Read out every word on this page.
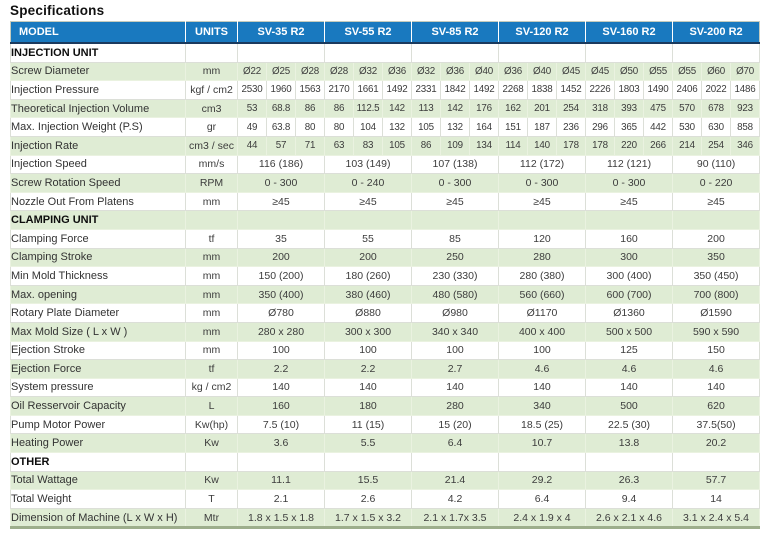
Specifications
MODEL	UNITS	SV-35 R2			SV-55 R2			SV-85 R2			SV-120 R2			SV-160 R2			SV-200 R2		
INJECTION UNIT																			
Screw Diameter	mm	Ø22	Ø25	Ø28	Ø28	Ø32	Ø36	Ø32	Ø36	Ø40	Ø36	Ø40	Ø45	Ø45	Ø50	Ø55	Ø55	Ø60	Ø70
Injection Pressure	kgf / cm2	2530	1960	1563	2170	1661	1492	2331	1842	1492	2268	1838	1452	2226	1803	1490	2406	2022	1486
Theoretical Injection Volume	cm3	53	68.8	86	86	112.5	142	113	142	176	162	201	254	318	393	475	570	678	923
Max. Injection Weight (P.S)	gr	49	63.8	80	80	104	132	105	132	164	151	187	236	296	365	442	530	630	858
Injection Rate	cm3 / sec	44	57	71	63	83	105	86	109	134	114	140	178	178	220	266	214	254	346
Injection Speed	mm/s	116 (186)			103 (149)			107 (138)			112 (172)			112 (121)			90 (110)		
Screw Rotation Speed	RPM	0 - 300			0 - 240			0 - 300			0 - 300			0 - 300			0 - 220		
Nozzle Out From Platens	mm	≥45			≥45			≥45			≥45			≥45			≥45		
CLAMPING UNIT																			
Clamping Force	tf	35			55			85			120			160			200		
Clamping Stroke	mm	200			200			250			280			300			350		
Min Mold Thickness	mm	150 (200)			180 (260)			230 (330)			280 (380)			300 (400)			350 (450)		
Max. opening	mm	350 (400)			380 (460)			480 (580)			560 (660)			600 (700)			700 (800)		
Rotary Plate Diameter	mm	Ø780			Ø880			Ø980			Ø1170			Ø1360			Ø1590		
Max Mold Size ( L x W )	mm	280 x 280			300 x 300			340 x 340			400 x 400			500 x 500			590 x 590		
Ejection Stroke	mm	100			100			100			100			125			150		
Ejection Force	tf	2.2			2.2			2.7			4.6			4.6			4.6		
System pressure	kg / cm2	140			140			140			140			140			140		
Oil Resservoir Capacity	L	160			180			280			340			500			620		
Pump Motor Power	Kw(hp)	7.5 (10)			11 (15)			15 (20)			18.5 (25)			22.5 (30)			37.5(50)		
Heating Power	Kw	3.6			5.5			6.4			10.7			13.8			20.2		
OTHER																			
Total Wattage	Kw	11.1			15.5			21.4			29.2			26.3			57.7		
Total Weight	T	2.1			2.6			4.2			6.4			9.4			14		
Dimension of Machine (L x W x H)	Mtr	1.8 x 1.5 x 1.8			1.7 x 1.5 x 3.2			2.1 x 1.7x 3.5			2.4 x 1.9 x 4			2.6 x 2.1 x 4.6			3.1 x 2.4 x 5.4		
